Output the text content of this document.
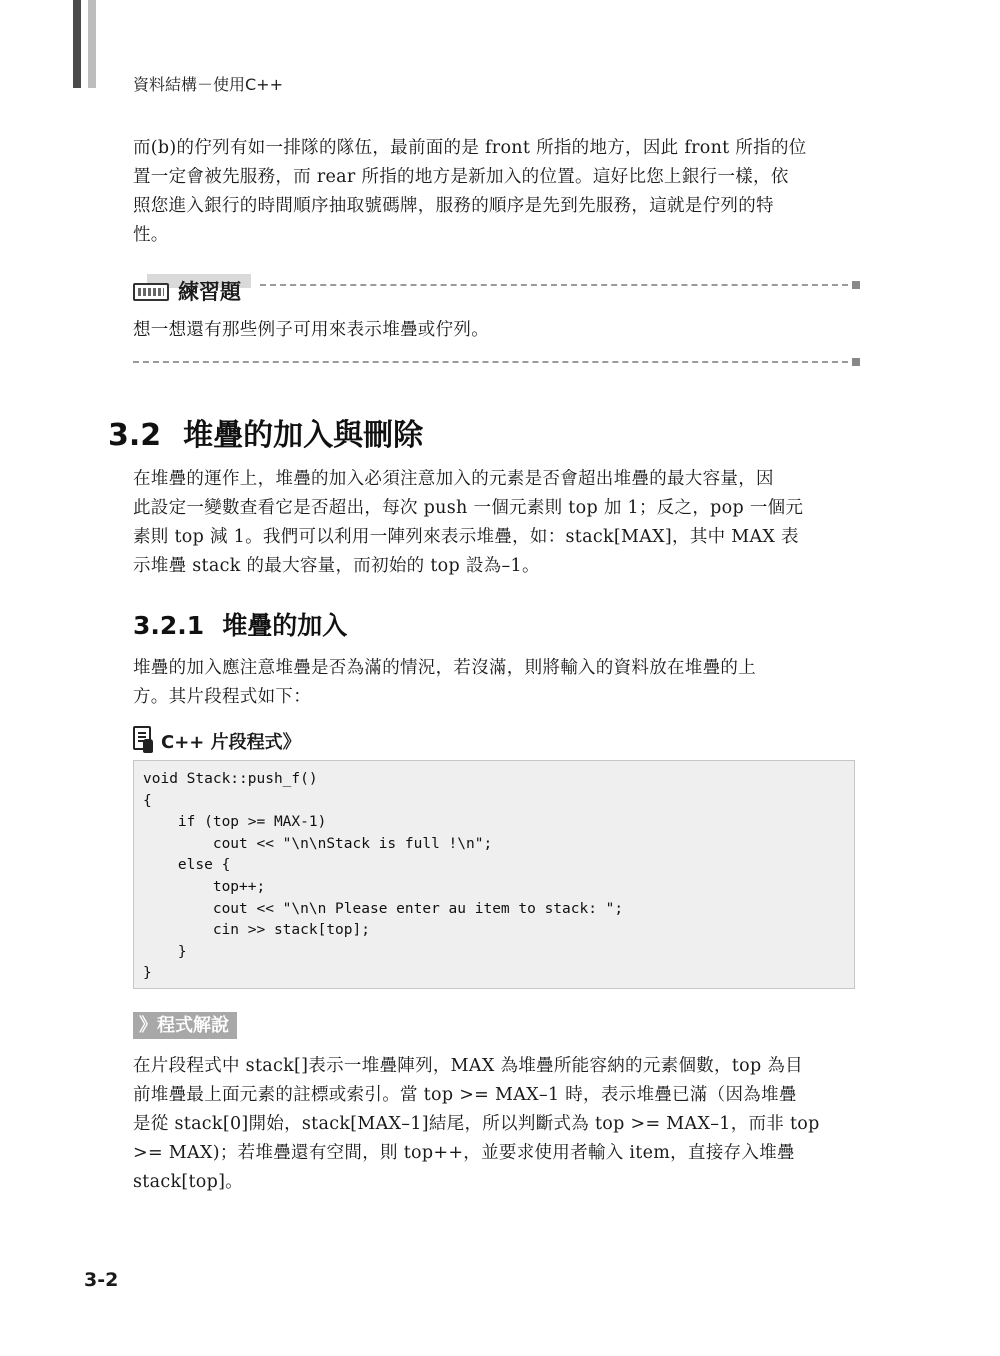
資料結構－使用C++
而(b)的佇列有如一排隊的隊伍，最前面的是 front 所指的地方，因此 front 所指的位
置一定會被先服務，而 rear 所指的地方是新加入的位置。這好比您上銀行一樣，依
照您進入銀行的時間順序抽取號碼牌，服務的順序是先到先服務，這就是佇列的特
性。
練習題
想一想還有那些例子可用來表示堆疊或佇列。
3.2 堆疊的加入與刪除
在堆疊的運作上，堆疊的加入必須注意加入的元素是否會超出堆疊的最大容量，因
此設定一變數查看它是否超出，每次 push 一個元素則 top 加 1；反之，pop 一個元
素則 top 減 1。我們可以利用一陣列來表示堆疊，如：stack[MAX]，其中 MAX 表
示堆疊 stack 的最大容量，而初始的 top 設為–1。
3.2.1 堆疊的加入
堆疊的加入應注意堆疊是否為滿的情況，若沒滿，則將輸入的資料放在堆疊的上
方。其片段程式如下：
C++ 片段程式》
void Stack::push_f()
{
if (top >= MAX-1)
cout << "\n\nStack is full !\n";
else {
top++;
cout << "\n\n Please enter au item to stack: ";
cin >> stack[top];
}
}
》程式解說
在片段程式中 stack[]表示一堆疊陣列，MAX 為堆疊所能容納的元素個數，top 為目
前堆疊最上面元素的註標或索引。當 top >= MAX–1 時，表示堆疊已滿（因為堆疊
是從 stack[0]開始，stack[MAX–1]結尾，所以判斷式為 top >= MAX–1，而非 top
>= MAX)；若堆疊還有空間，則 top++，並要求使用者輸入 item，直接存入堆疊
stack[top]。
3-2
